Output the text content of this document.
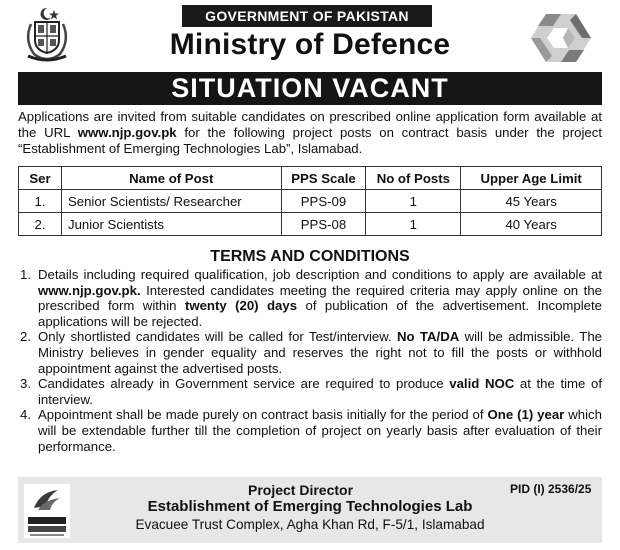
GOVERNMENT OF PAKISTAN
Ministry of Defence
SITUATION VACANT

Applications are invited from suitable candidates on prescribed online application form available at the URL www.njp.gov.pk for the following project posts on contract basis under the project “Establishment of Emerging Technologies Lab”, Islamabad.

Ser	Name of Post	PPS Scale	No of Posts	Upper Age Limit
1.	Senior Scientists/ Researcher	PPS-09	1	45 Years
2.	Junior Scientists	PPS-08	1	40 Years
TERMS AND CONDITIONS
1. Details including required qualification, job description and conditions to apply are available at www.njp.gov.pk. Interested candidates meeting the required criteria may apply online on the prescribed form within twenty (20) days of publication of the advertisement. Incomplete applications will be rejected.
2. Only shortlisted candidates will be called for Test/interview. No TA/DA will be admissible. The Ministry believes in gender equality and reserves the right not to fill the posts or withhold appointment against the advertised posts.
3. Candidates already in Government service are required to produce valid NOC at the time of interview.
4. Appointment shall be made purely on contract basis initially for the period of One (1) year which will be extendable further till the completion of project on yearly basis after evaluation of their performance.
Project Director	PID (I) 2536/25
Establishment of Emerging Technologies Lab
Evacuee Trust Complex, Agha Khan Rd, F-5/1, Islamabad
